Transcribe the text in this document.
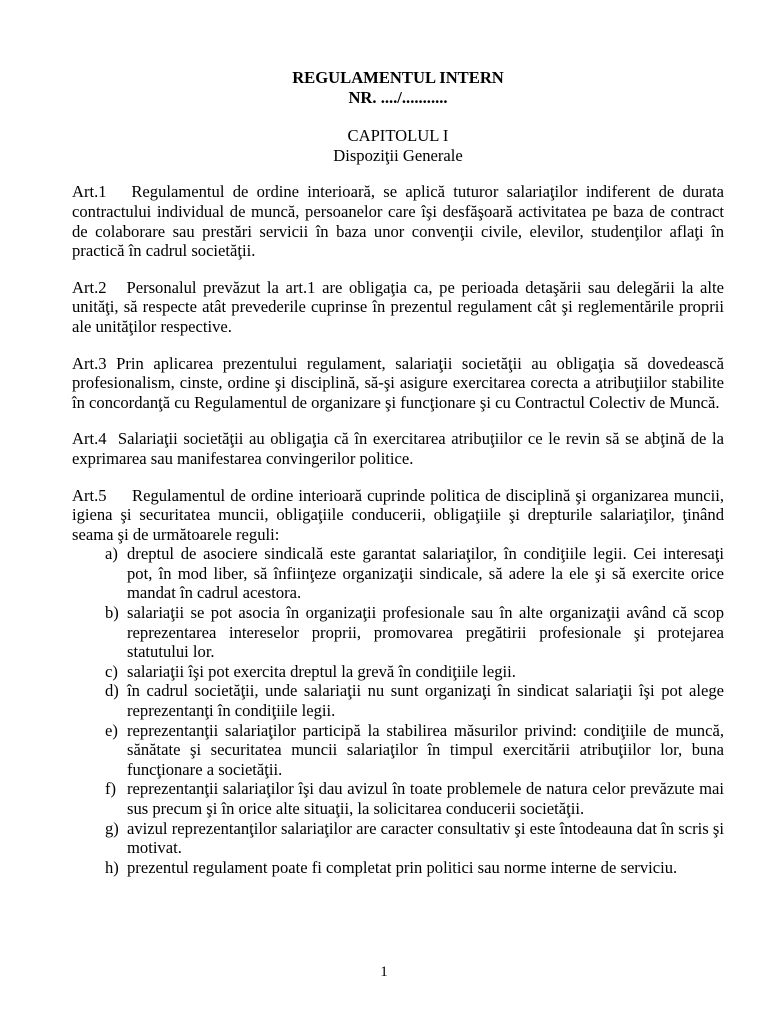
REGULAMENTUL INTERN
NR. ..../...........
CAPITOLUL I
Dispoziţii Generale

Art.1 Regulamentul de ordine interioară, se aplică tuturor salariaţilor indiferent de durata contractului individual de muncă, persoanelor care îşi desfăşoară activitatea pe baza de contract de colaborare sau prestări servicii în baza unor convenţii civile, elevilor, studenţilor aflaţi în practică în cadrul societăţii.

Art.2 Personalul prevăzut la art.1 are obligaţia ca, pe perioada detaşării sau delegării la alte unităţi, să respecte atât prevederile cuprinse în prezentul regulament cât şi reglementările proprii ale unităţilor respective.

Art.3 Prin aplicarea prezentului regulament, salariaţii societăţii au obligaţia să dovedească profesionalism, cinste, ordine şi disciplină, să-şi asigure exercitarea corecta a atribuţiilor stabilite în concordanţă cu Regulamentul de organizare şi funcţionare şi cu Contractul Colectiv de Muncă.

Art.4 Salariaţii societăţii au obligaţia că în exercitarea atribuţiilor ce le revin să se abţină de la exprimarea sau manifestarea convingerilor politice.

Art.5 Regulamentul de ordine interioară cuprinde politica de disciplină şi organizarea muncii, igiena şi securitatea muncii, obligaţiile conducerii, obligaţiile şi drepturile salariaţilor, ţinând seama şi de următoarele reguli:

a) dreptul de asociere sindicală este garantat salariaţilor, în condiţiile legii. Cei interesaţi pot, în mod liber, să înfiinţeze organizaţii sindicale, să adere la ele şi să exercite orice mandat în cadrul acestora.
b) salariaţii se pot asocia în organizaţii profesionale sau în alte organizaţii având că scop reprezentarea intereselor proprii, promovarea pregătirii profesionale şi protejarea statutului lor.
c) salariaţii îşi pot exercita dreptul la grevă în condiţiile legii.
d) în cadrul societăţii, unde salariaţii nu sunt organizaţi în sindicat salariaţii îşi pot alege reprezentanţi în condiţiile legii.
e) reprezentanţii salariaţilor participă la stabilirea măsurilor privind: condiţiile de muncă, sănătate şi securitatea muncii salariaţilor în timpul exercitării atribuţiilor lor, buna funcţionare a societăţii.
f) reprezentanţii salariaţilor îşi dau avizul în toate problemele de natura celor prevăzute mai sus precum şi în orice alte situaţii, la solicitarea conducerii societăţii.
g) avizul reprezentanţilor salariaţilor are caracter consultativ şi este întodeauna dat în scris şi motivat.
h) prezentul regulament poate fi completat prin politici sau norme interne de serviciu.
1
